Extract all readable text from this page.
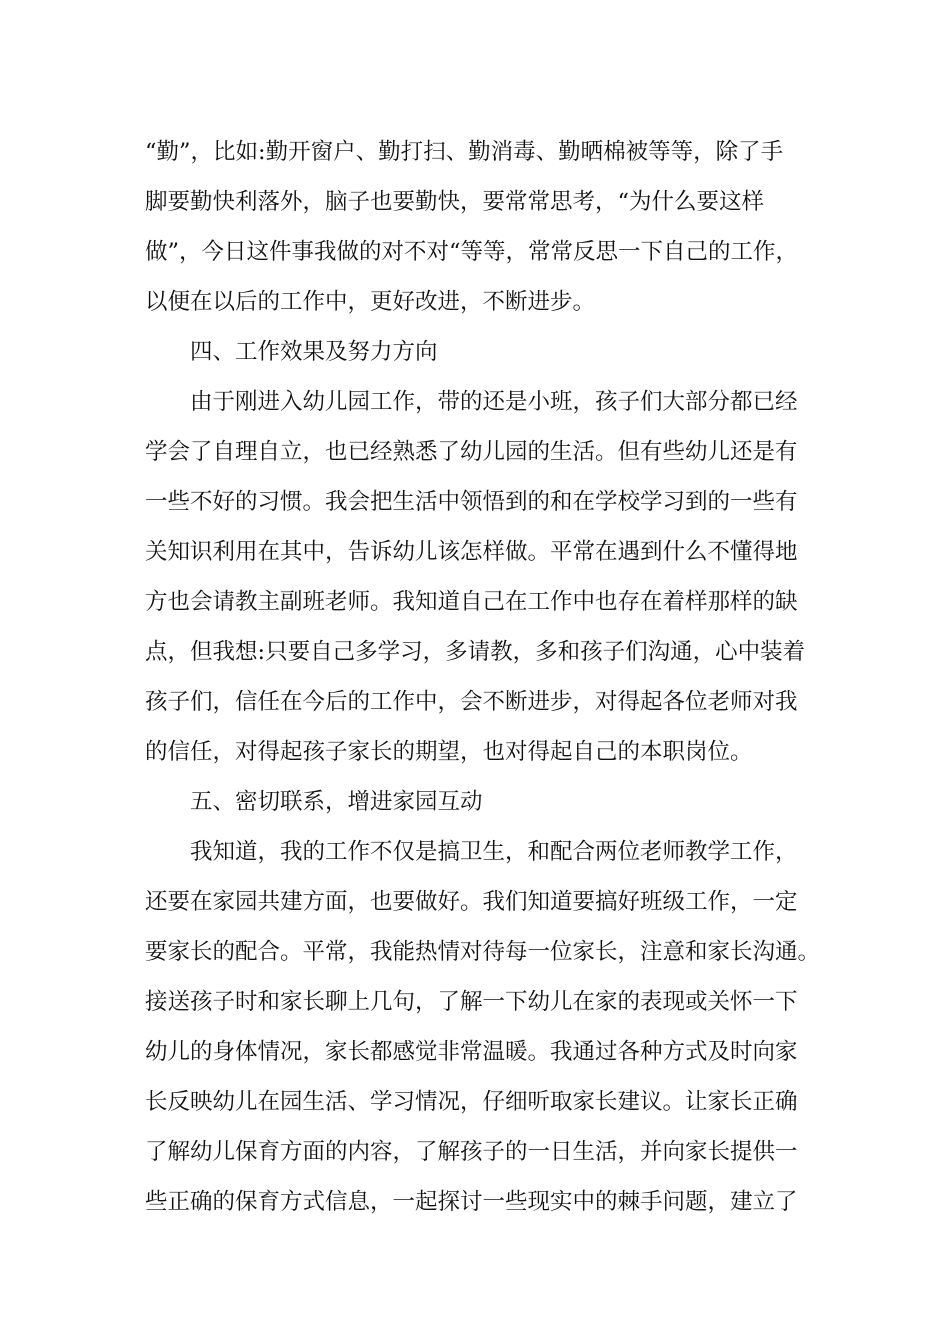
“勤”，比如:勤开窗户、勤打扫、勤消毒、勤晒棉被等等，除了手
脚要勤快利落外，脑子也要勤快，要常常思考，“为什么要这样
做”，今日这件事我做的对不对“等等，常常反思一下自己的工作，
以便在以后的工作中，更好改进，不断进步。
四、工作效果及努力方向
由于刚进入幼儿园工作，带的还是小班，孩子们大部分都已经
学会了自理自立，也已经熟悉了幼儿园的生活。但有些幼儿还是有
一些不好的习惯。我会把生活中领悟到的和在学校学习到的一些有
关知识利用在其中，告诉幼儿该怎样做。平常在遇到什么不懂得地
方也会请教主副班老师。我知道自己在工作中也存在着样那样的缺
点，但我想:只要自己多学习，多请教，多和孩子们沟通，心中装着
孩子们，信任在今后的工作中，会不断进步，对得起各位老师对我
的信任，对得起孩子家长的期望，也对得起自己的本职岗位。
五、密切联系，增进家园互动
我知道，我的工作不仅是搞卫生，和配合两位老师教学工作，
还要在家园共建方面，也要做好。我们知道要搞好班级工作，一定
要家长的配合。平常，我能热情对待每一位家长，注意和家长沟通。
接送孩子时和家长聊上几句，了解一下幼儿在家的表现或关怀一下
幼儿的身体情况，家长都感觉非常温暖。我通过各种方式及时向家
长反映幼儿在园生活、学习情况，仔细听取家长建议。让家长正确
了解幼儿保育方面的内容，了解孩子的一日生活，并向家长提供一
些正确的保育方式信息，一起探讨一些现实中的棘手问题，建立了
